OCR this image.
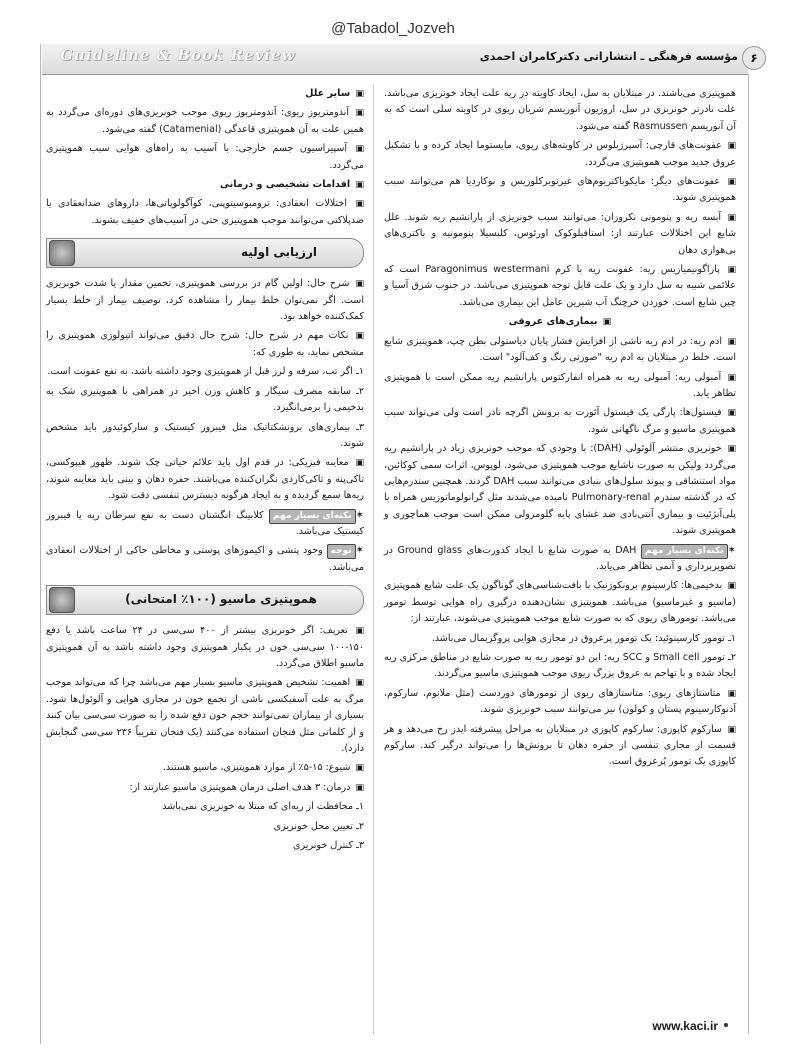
@Tabadol_Jozveh
Guideline & Book Review	مؤسسه فرهنگی ـ انتشاراتی دکترکامران احمدی	۶

هموپتیزی می‌باشند. در مبتلایان به سل، ایجاد کاویته در ریه علت ایجاد خونریزی می‌باشد. علت نادرتر خونریزی در سل، اروزیون آنوریسم شریان ریوی در کاویته سلی است که به آن آنوریسم Rasmussen گفته می‌شود.

▣ عفونت‌های قارچی: آسپرژیلوس در کاویته‌های ریوی، مایستوما ایجاد کرده و با تشکیل عروق جدید موجب هموپتیزی می‌گردد.

▣ عفونت‌های دیگر: مایکوباکتریوم‌های غیرتوبرکلوزیس و نوکاردیا هم می‌توانند سبب هموپتیزی شوند.

▣ آبسه ریه و پنومونی نکروزان: می‌توانند سبب خونریزی از پارانشیم ریه شوند. علل شایع این اختلالات عبارتند از: استافیلوکوک اورئوس، کلبسیلا پنومونیه و باکتری‌های بی‌هوازی دهان

▣ پاراگونیمیازیس ریه: عفونت ریه با کرم Paragonimus westermani است که علائمی شبیه به سل دارد و یک علت قابل توجه هموپتیزی می‌باشد. در جنوب شرق آسیا و چین شایع است. خوردن خرچنگ آب شیرین عامل این بیماری می‌باشد.

▣ بیماری‌های عروقی

▣ ادم ریه: در ادم ریه ناشی از افزایش فشار پایان دیاستولی بطن چپ، هموپتیزی شایع است. خلط در مبتلایان به ادم ریه "صورتی رنگ و کف‌آلود" است.

▣ آمبولی ریه: آمبولی ریه به همراه انفارکتوس پارانشیم ریه ممکن است با هموپتیزی تظاهر یابد.

▣ فیستول‌ها: پارگی یک فیستول آئورت به برونش اگرچه نادر است ولی می‌تواند سبب هموپتیزی ماسیو و مرگ ناگهانی شود.

▣ خونریزی منتشر آلوئولی (DAH): با وجودی که موجب خونریزی زیاد در پارانشیم ریه می‌گردد ولیکن به صورت ناشایع موجب هموپتیزی می‌شود. لوپوس، اثرات سمی کوکائین، مواد استنشاقی و پیوند سلول‌های بنیادی می‌توانند سبب DAH گردند. همچنین سندرم‌هایی که در گذشته سندرم Pulmonary-renal نامیده می‌شدند مثل گرانولوماتوزیس همراه با پلی‌آنژئیت و بیماری آنتی‌بادی ضد غشای پایه گلومرولی ممکن است موجب هماچوری و هموپتیزی شوند.

✶نکته‌ای بسیار مهم DAH به صورت شایع با ایجاد کدورت‌های Ground glass در تصویربرداری و آنمی تظاهر می‌یابد.

▣ بدخیمی‌ها: کارسینوم برونکوژنیک با بافت‌شناسی‌های گوناگون یک علت شایع هموپتیزی (ماسیو و غیرماسیو) می‌باشد. هموپتیزی نشان‌دهنده درگیری راه هوایی توسط تومور می‌باشد. تومورهای ریوی که به صورت شایع موجب هموپتیزی می‌شوند، عبارتند از:

۱ـ تومور کارسینوئید: یک تومور پرعروق در مجاری هوایی پروگزیمال می‌باشد.

۲ـ تومور Small cell و SCC ریه: این دو تومور ریه به صورت شایع در مناطق مرکزی ریه ایجاد شده و با تهاجم به عروق بزرگ ریوی موجب هموپتیزی ماسیو می‌گردند.

▣ متاستازهای ریوی: متاستازهای ریوی از تومورهای دوردست (مثل ملانوم، سارکوم، آدنوکارسینوم پستان و کولون) نیز می‌توانند سبب خونریزی شوند.

▣ سارکوم کاپوزی: سارکوم کاپوزی در مبتلایان به مراحل پیشرفته ایدز رخ می‌دهد و هر قسمت از مجاری تنفسی از حفره دهان تا برونش‌ها را می‌تواند درگیر کند. سارکوم کاپوزی یک تومور پُرعروق است.

▣ سایر علل

▣ آندومتریوز ریوی: آندومتریوز ریوی موجب خونریزی‌های دوره‌ای می‌گردد به همین علت به آن هموپتیزی قاعدگی (Catamenial) گفته می‌شود.

▣ آسپیراسیون جسم خارجی: با آسیب به راه‌های هوایی سبب هموپتیزی می‌گردد.

▣ اقدامات تشخیصی و درمانی

▣ اختلالات انعقادی: ترومبوسیتوپنی، کوآگولوپاتی‌ها، داروهای ضدانعقادی یا ضدپلاکتی می‌توانند موجب هموپتیزی حتی در آسیب‌های خفیف بشوند.

ارزیابی اولیه

▣ شرح حال: اولین گام در بررسی هموپتیزی، تخمین مقدار یا شدت خونریزی است. اگر نمی‌توان خلط بیمار را مشاهده کرد، توصیف بیمار از خلط بسیار کمک‌کننده خواهد بود.

▣ نکات مهم در شرح حال: شرح حال دقیق می‌تواند اتیولوژی هموپتیزی را مشخص نماید، به طوری که:

۱ـ اگر تب، سرفه و لرز قبل از هموپتیزی وجود داشته باشد، به نفع عفونت است.

۲ـ سابقه مصرف سیگار و کاهش وزن اخیر در همراهی با هموپتیزی شک به بدخیمی را برمی‌انگیزد.

۳ـ بیماری‌های برونشکتاتیک مثل فیبروز کیستیک و سارکوئیدوز باید مشخص شوند.

▣ معاینه فیزیکی: در قدم اول باید علائم حیاتی چک شوند. ظهور هیپوکسی، تاکی‌پنه و تاکی‌کاردی نگران‌کننده می‌باشند. حفره دهان و بینی باید معاینه شوند، ریه‌ها سمع گردیده و به ایجاد هرگونه دیسترس تنفسی دقت شود.

✶نکته‌ای بسیار مهم کلابینگ انگشتان دست به نفع سرطان ریه یا فیبروز کیستیک می‌باشد.

✶توجه وجود پتشی و اکیموزهای پوستی و مخاطی حاکی از اختلالات انعقادی می‌باشد.

هموپتیزی ماسیو (۱۰۰٪ امتحانی)

▣ تعریف: اگر خونریزی بیشتر از ۴۰۰ سی‌سی در ۲۴ ساعت باشد یا دفع ۱۵۰-۱۰۰ سی‌سی خون در یکبار هموپتیزی وجود داشته باشد به آن هموپتیزی ماسیو اطلاق می‌گردد.

▣ اهمیت: تشخیص هموپتیزی ماسیو بسیار مهم می‌باشد چرا که می‌تواند موجب مرگ به علت آسفیکسی ناشی از تجمع خون در مجاری هوایی و آلوئول‌ها شود. بسیاری از بیماران نمی‌توانند حجم خون دفع شده را به صورت سی‌سی بیان کنند و از کلماتی مثل فنجان استفاده می‌کنند (یک فنجان تقریباً ۲۳۶ سی‌سی گنجایش دارد).

▣ شیوع: ۱۵-۵٪ از موارد هموپتیزی، ماسیو هستند.

▣ درمان: ۳ هدف اصلی درمان هموپتیزی ماسیو عبارتند از:

۱ـ محافظت از ریه‌ای که مبتلا به خونریزی نمی‌باشد

۲ـ تعیین محل خونریزی

۳ـ کنترل خونریزی

www.kaci.ir
